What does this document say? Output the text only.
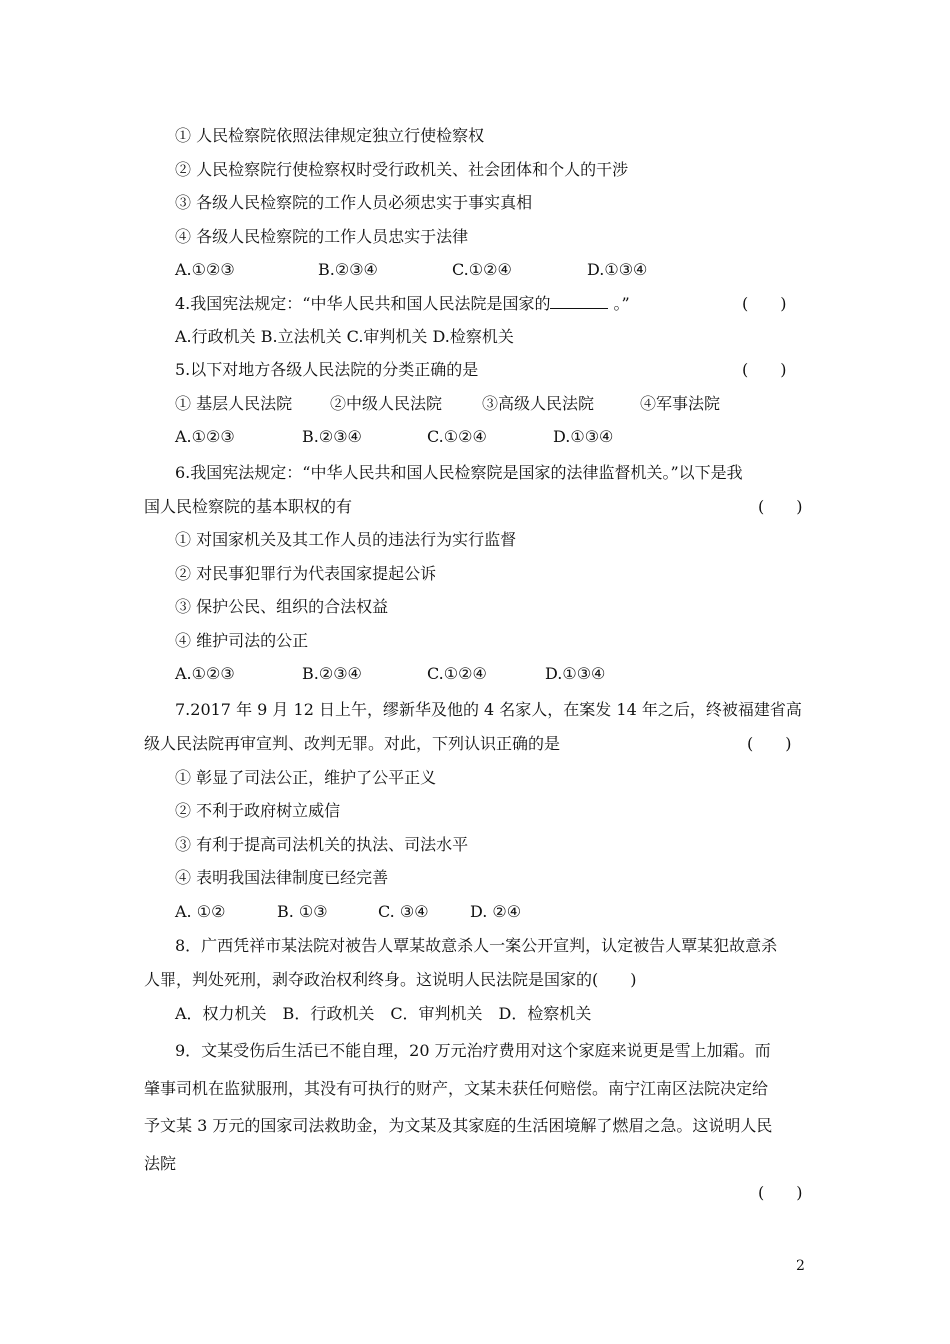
① 人民检察院依照法律规定独立行使检察权
② 人民检察院行使检察权时受行政机关、社会团体和个人的干涉
③ 各级人民检察院的工作人员必须忠实于事实真相
④ 各级人民检察院的工作人员忠实于法律
A.①②③	B.②③④	C.①②④	D.①③④
4.我国宪法规定：“中华人民共和国人民法院是国家的	。”	(　　)
A.行政机关 B.立法机关 C.审判机关 D.检察机关
5.以下对地方各级人民法院的分类正确的是	(　　)
① 基层人民法院 ②中级人民法院 ③高级人民法院	④军事法院
A.①②③	B.②③④	C.①②④	D.①③④
6.我国宪法规定：“中华人民共和国人民检察院是国家的法律监督机关。”以下是我
国人民检察院的基本职权的有	(　　)
① 对国家机关及其工作人员的违法行为实行监督
② 对民事犯罪行为代表国家提起公诉
③ 保护公民、组织的合法权益
④ 维护司法的公正
A.①②③	B.②③④	C.①②④	D.①③④
7.2017 年 9 月 12 日上午，缪新华及他的 4 名家人，在案发 14 年之后，终被福建省高
级人民法院再审宣判、改判无罪。对此，下列认识正确的是	(　　)
① 彰显了司法公正，维护了公平正义
② 不利于政府树立威信
③ 有利于提高司法机关的执法、司法水平
④ 表明我国法律制度已经完善
A. ①②	B. ①③	C. ③④	D. ②④
8．广西凭祥市某法院对被告人覃某故意杀人一案公开宣判，认定被告人覃某犯故意杀
人罪，判处死刑，剥夺政治权利终身。这说明人民法院是国家的(　　)
A．权力机关　B．行政机关　C．审判机关　D．检察机关
9．文某受伤后生活已不能自理，20 万元治疗费用对这个家庭来说更是雪上加霜。而
肇事司机在监狱服刑，其没有可执行的财产，文某未获任何赔偿。南宁江南区法院决定给
予文某 3 万元的国家司法救助金，为文某及其家庭的生活困境解了燃眉之急。这说明人民
法院
(　　)
2
